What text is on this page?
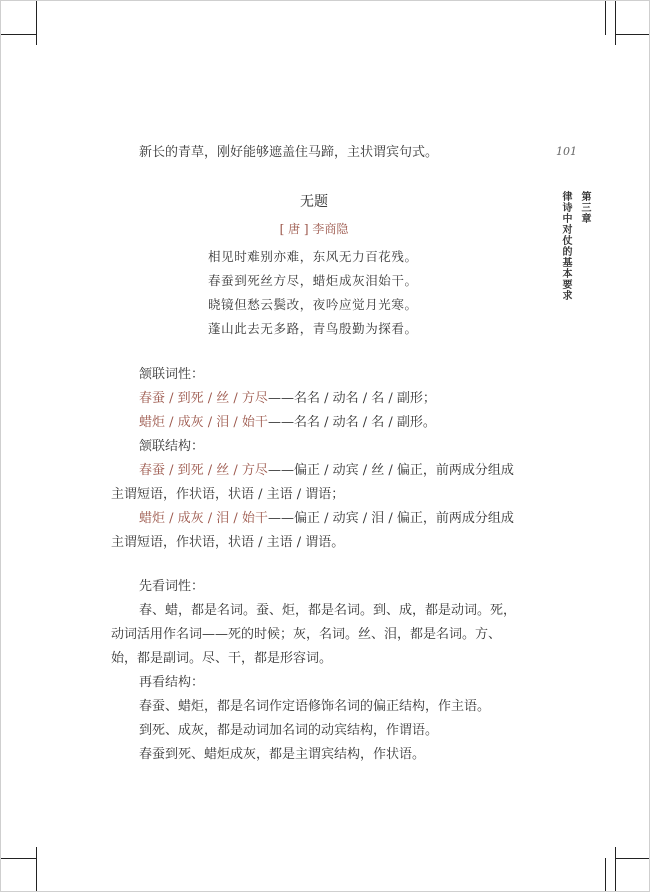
101
第三章
律诗中对仗的基本要求

新长的青草，刚好能够遮盖住马蹄，主状谓宾句式。

无题
[ 唐 ] 李商隐
相见时难别亦难，东风无力百花残。
春蚕到死丝方尽，蜡炬成灰泪始干。
晓镜但愁云鬓改，夜吟应觉月光寒。
蓬山此去无多路，青鸟殷勤为探看。

颔联词性：

春蚕 / 到死 / 丝 / 方尽——名名 / 动名 / 名 / 副形；

蜡炬 / 成灰 / 泪 / 始干——名名 / 动名 / 名 / 副形。

颔联结构：

春蚕 / 到死 / 丝 / 方尽——偏正 / 动宾 / 丝 / 偏正，前两成分组成主谓短语，作状语，状语 / 主语 / 谓语；

蜡炬 / 成灰 / 泪 / 始干——偏正 / 动宾 / 泪 / 偏正，前两成分组成主谓短语，作状语，状语 / 主语 / 谓语。

先看词性：

春、蜡，都是名词。蚕、炬，都是名词。到、成，都是动词。死，动词活用作名词——死的时候；灰，名词。丝、泪，都是名词。方、始，都是副词。尽、干，都是形容词。

再看结构：

春蚕、蜡炬，都是名词作定语修饰名词的偏正结构，作主语。

到死、成灰，都是动词加名词的动宾结构，作谓语。

春蚕到死、蜡炬成灰，都是主谓宾结构，作状语。
